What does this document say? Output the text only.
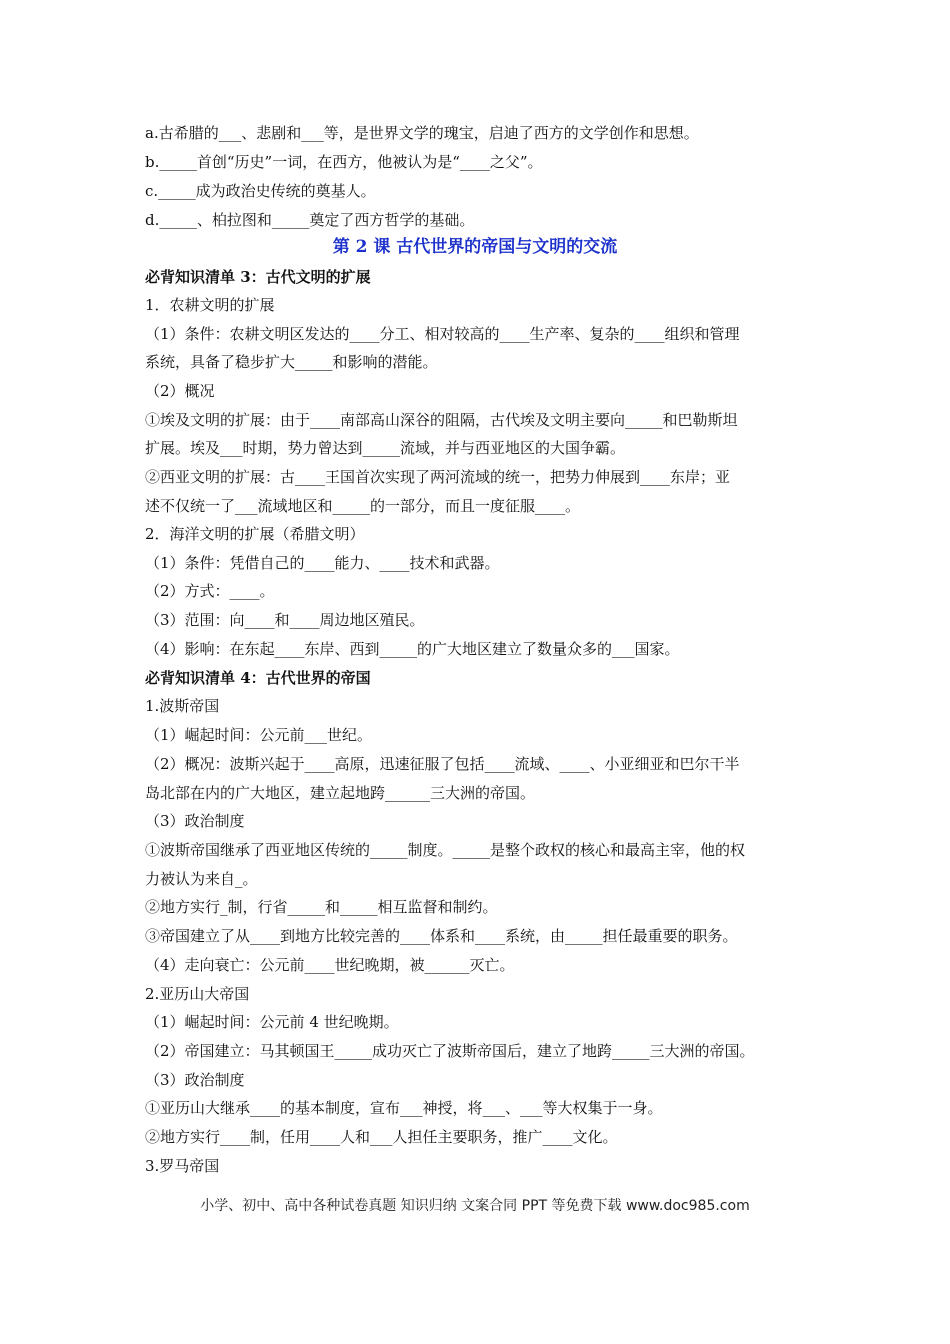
a.古希腊的___、悲剧和___等，是世界文学的瑰宝，启迪了西方的文学创作和思想。
b._____首创“历史”一词，在西方，他被认为是“____之父”。
c._____成为政治史传统的奠基人。
d._____、柏拉图和_____奠定了西方哲学的基础。
第 2 课 古代世界的帝国与文明的交流
必背知识清单 3：古代文明的扩展
1．农耕文明的扩展
（1）条件：农耕文明区发达的____分工、相对较高的____生产率、复杂的____组织和管理
系统，具备了稳步扩大_____和影响的潜能。
（2）概况
①埃及文明的扩展：由于____南部高山深谷的阻隔，古代埃及文明主要向_____和巴勒斯坦
扩展。埃及___时期，势力曾达到_____流域，并与西亚地区的大国争霸。
②西亚文明的扩展：古____王国首次实现了两河流域的统一，把势力伸展到____东岸；亚
述不仅统一了___流域地区和_____的一部分，而且一度征服____。
2．海洋文明的扩展（希腊文明）
（1）条件：凭借自己的____能力、____技术和武器。
（2）方式：____。
（3）范围：向____和____周边地区殖民。
（4）影响：在东起____东岸、西到_____的广大地区建立了数量众多的___国家。
必背知识清单 4：古代世界的帝国
1.波斯帝国
（1）崛起时间：公元前___世纪。
（2）概况：波斯兴起于____高原，迅速征服了包括____流域、____、小亚细亚和巴尔干半
岛北部在内的广大地区，建立起地跨______三大洲的帝国。
（3）政治制度
①波斯帝国继承了西亚地区传统的_____制度。_____是整个政权的核心和最高主宰，他的权
力被认为来自_。
②地方实行_制，行省_____和_____相互监督和制约。
③帝国建立了从____到地方比较完善的____体系和____系统，由_____担任最重要的职务。
（4）走向衰亡：公元前____世纪晚期，被______灭亡。
2.亚历山大帝国
（1）崛起时间：公元前 4 世纪晚期。
（2）帝国建立：马其顿国王_____成功灭亡了波斯帝国后，建立了地跨_____三大洲的帝国。
（3）政治制度
①亚历山大继承____的基本制度，宣布___神授，将___、___等大权集于一身。
②地方实行____制，任用____人和___人担任主要职务，推广____文化。
3.罗马帝国
小学、初中、高中各种试卷真题 知识归纳 文案合同 PPT 等免费下载 www.doc985.com
